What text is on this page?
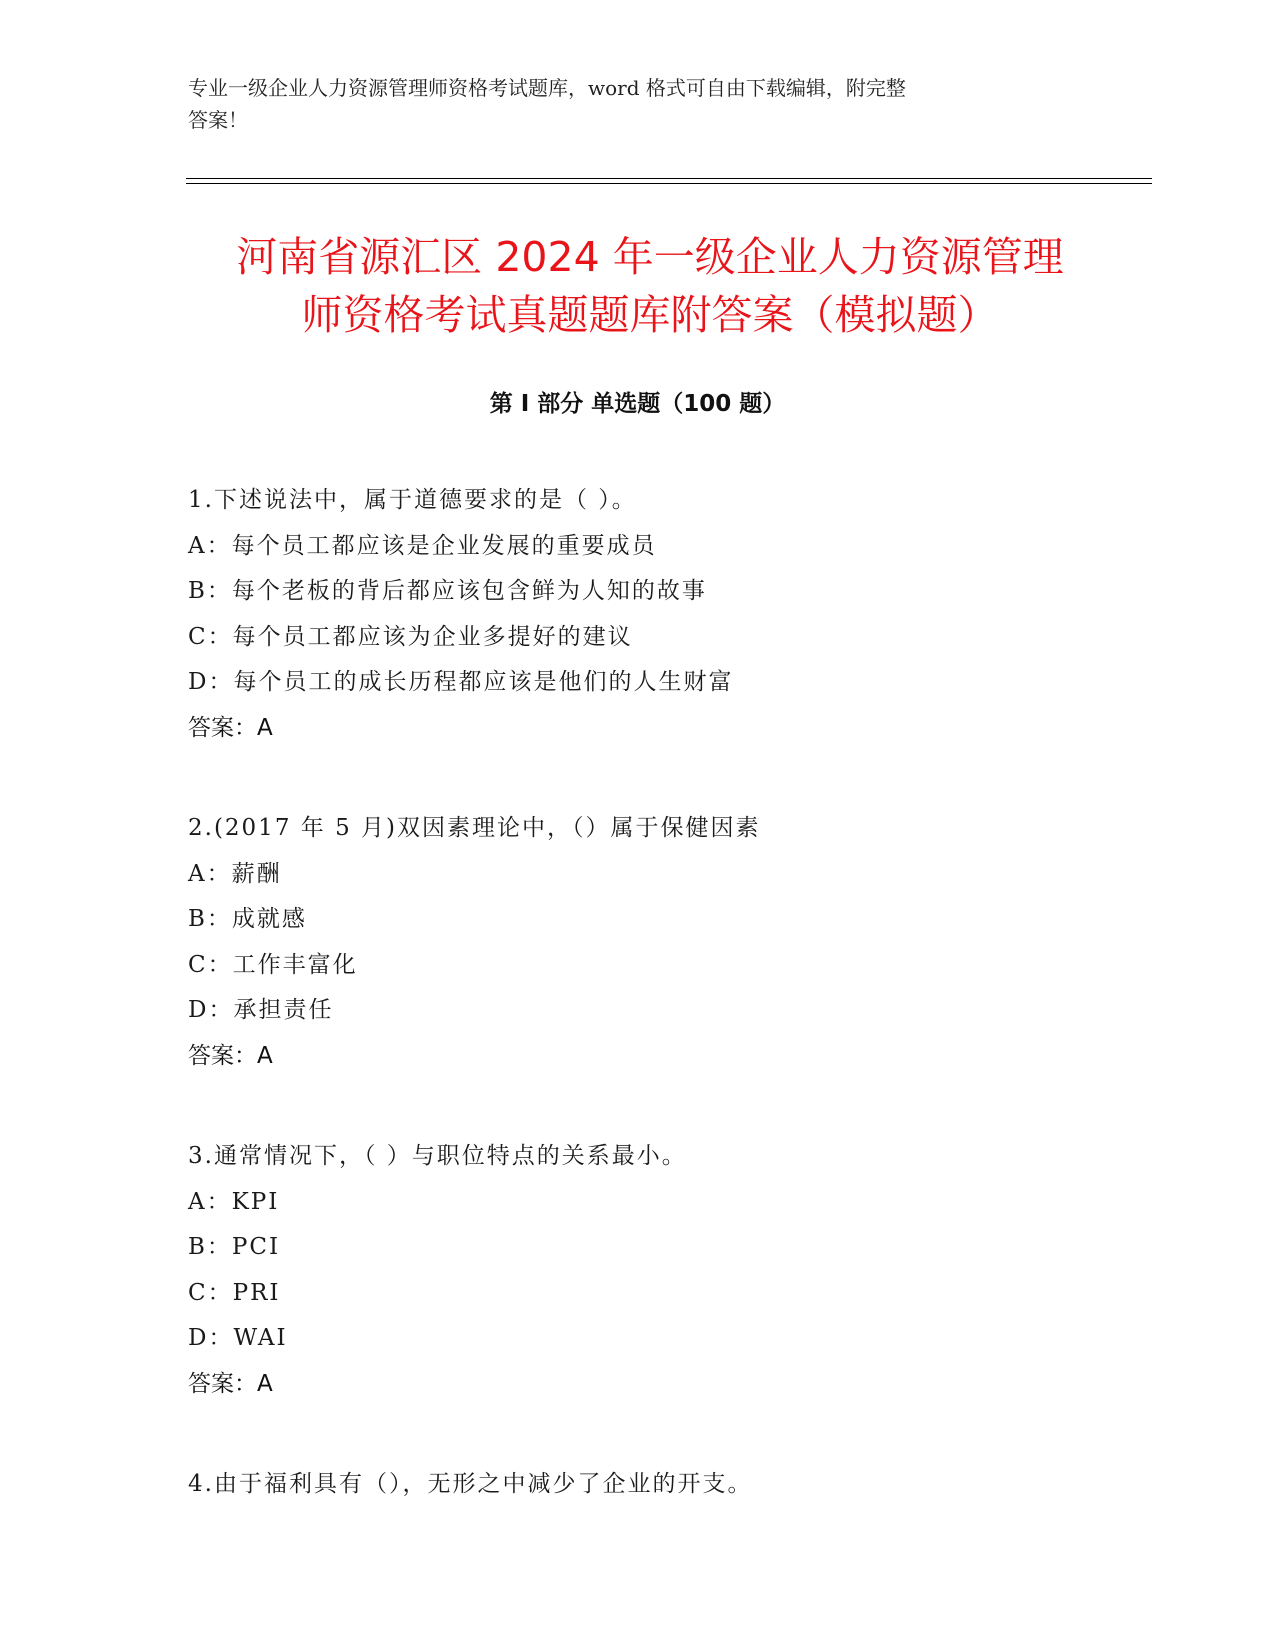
专业一级企业人力资源管理师资格考试题库，word 格式可自由下载编辑，附完整
答案！
河南省源汇区 2024 年一级企业人力资源管理
师资格考试真题题库附答案（模拟题）
第 I 部分 单选题（100 题）
1.下述说法中，属于道德要求的是（ ）。
A：每个员工都应该是企业发展的重要成员
B：每个老板的背后都应该包含鲜为人知的故事
C：每个员工都应该为企业多提好的建议
D：每个员工的成长历程都应该是他们的人生财富
答案：A
2.(2017 年 5 月)双因素理论中，（）属于保健因素
A：薪酬
B：成就感
C：工作丰富化
D：承担责任
答案：A
3.通常情况下，（ ）与职位特点的关系最小。
A：KPI
B：PCI
C：PRI
D：WAI
答案：A
4.由于福利具有（），无形之中减少了企业的开支。
